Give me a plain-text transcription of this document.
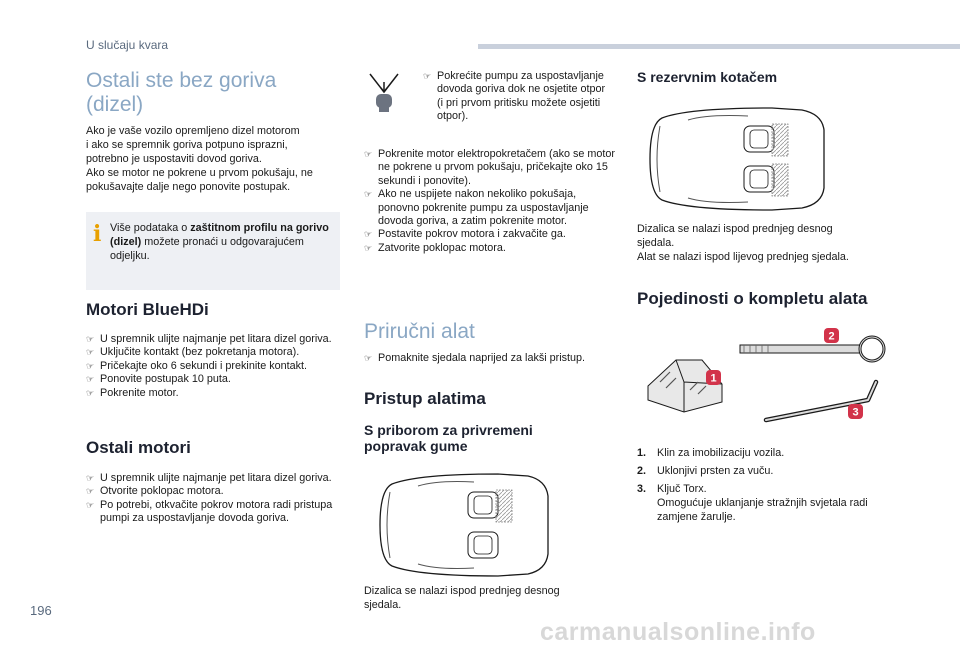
U slučaju kvara
Ostali ste bez goriva
(dizel)
Ako je vaše vozilo opremljeno dizel motorom
i ako se spremnik goriva potpuno isprazni,
potrebno je uspostaviti dovod goriva.
Ako se motor ne pokrene u prvom pokušaju, ne
pokušavajte dalje nego ponovite postupak.
i Više podataka o zaštitnom profilu na gorivo (dizel) možete pronaći u odgovarajućem odjeljku.
Motori BlueHDi
☞ U spremnik ulijte najmanje pet litara dizel goriva.
☞ Uključite kontakt (bez pokretanja motora).
☞ Pričekajte oko 6 sekundi i prekinite kontakt.
☞ Ponovite postupak 10 puta.
☞ Pokrenite motor.
Ostali motori
☞ U spremnik ulijte najmanje pet litara dizel goriva.
☞ Otvorite poklopac motora.
☞ Po potrebi, otkvačite pokrov motora radi pristupa pumpi za uspostavljanje dovoda goriva.
☞ Pokrećite pumpu za uspostavljanje dovoda goriva dok ne osjetite otpor (i pri prvom pritisku možete osjetiti otpor).
☞ Pokrenite motor elektropokretačem (ako se motor ne pokrene u prvom pokušaju, pričekajte oko 15 sekundi i ponovite).
☞ Ako ne uspijete nakon nekoliko pokušaja, ponovno pokrenite pumpu za uspostavljanje dovoda goriva, a zatim pokrenite motor.
☞ Postavite pokrov motora i zakvačite ga.
☞ Zatvorite poklopac motora.
Priručni alat
☞ Pomaknite sjedala naprijed za lakši pristup.
Pristup alatima
S priborom za privremeni
popravak gume
Dizalica se nalazi ispod prednjeg desnog
sjedala.
S rezervnim kotačem
Dizalica se nalazi ispod prednjeg desnog
sjedala.
Alat se nalazi ispod lijevog prednjeg sjedala.
Pojedinosti o kompletu alata
1
2
3
1. Klin za imobilizaciju vozila.
2. Uklonjivi prsten za vuču.
3. Ključ Torx.
Omogućuje uklanjanje stražnjih svjetala radi zamjene žarulje.
196
carmanualsonline.info
